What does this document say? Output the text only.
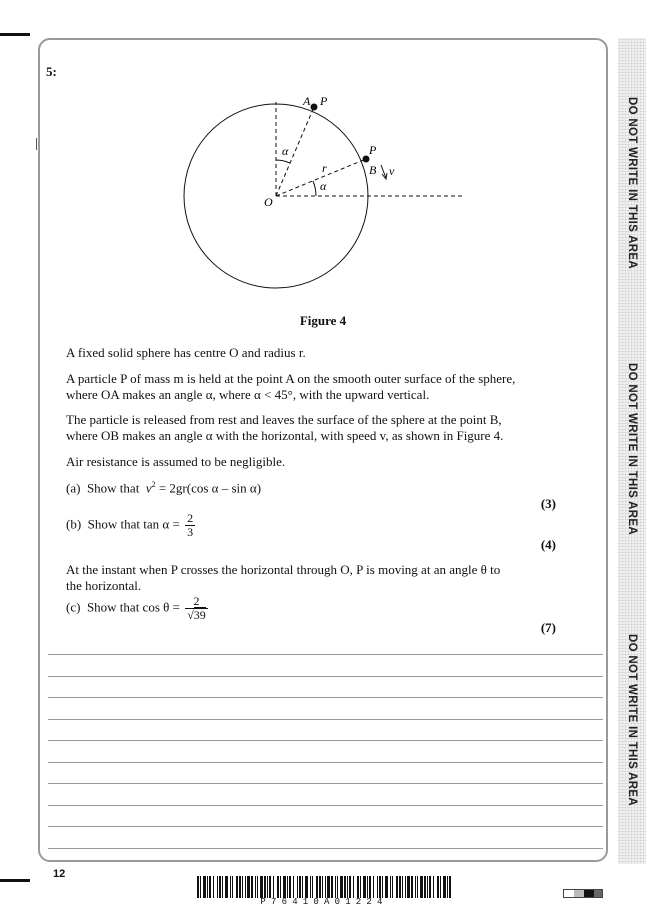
5:
A P
P
B v
O
r
α
α
Figure 4
A fixed solid sphere has centre O and radius r.
A particle P of mass m is held at the point A on the smooth outer surface of the sphere,
where OA makes an angle α, where α < 45°, with the upward vertical.
The particle is released from rest and leaves the surface of the sphere at the point B,
where OB makes an angle α with the horizontal, with speed v, as shown in Figure 4.
Air resistance is assumed to be negligible.
(a) Show that $v^2 = 2gr(\cos$ α – sin α)
(3)
(b) Show that $\tan \alpha = \frac{2}{3}$
(4)
At the instant when P crosses the horizontal through O, P is moving at an angle θ to
the horizontal.
(c) Show that $\cos \theta = \frac{2}{√39}$
(7)
DO NOT WRITE IN THIS AREA
DO NOT WRITE IN THIS AREA
DO NOT WRITE IN THIS AREA
12
P76410A01224
